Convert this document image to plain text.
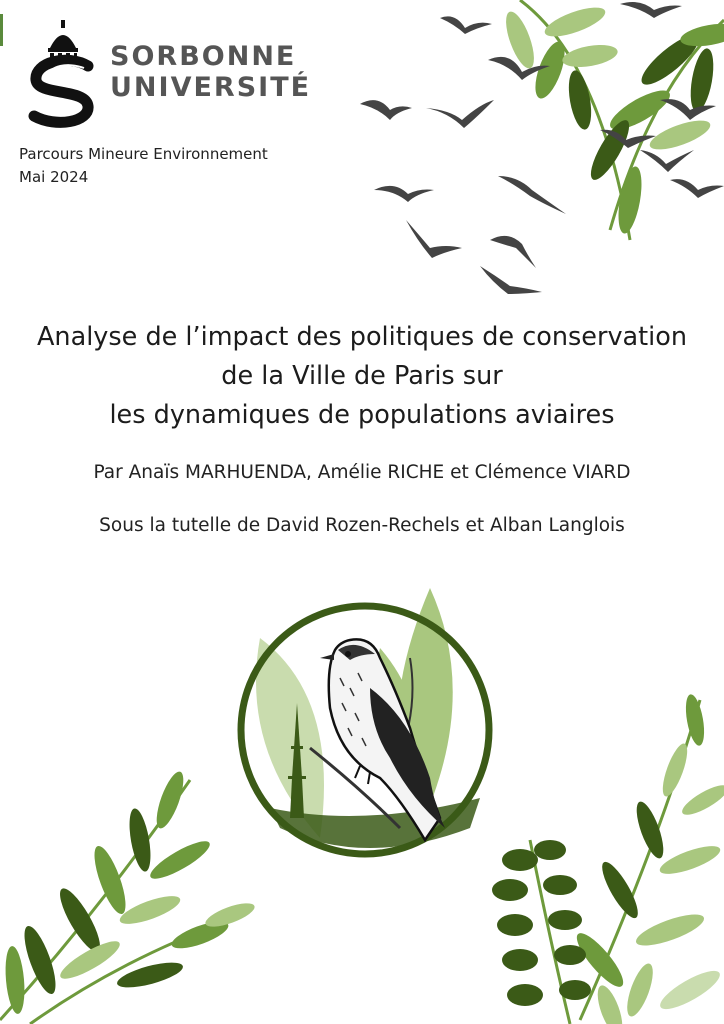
SORBONNE
UNIVERSITÉ
Parcours Mineure Environnement
Mai 2024
Analyse de l’impact des politiques de conservation
de la Ville de Paris sur
les dynamiques de populations aviaires
Par Anaïs MARHUENDA, Amélie RICHE et Clémence VIARD
Sous la tutelle de David Rozen-Rechels et Alban Langlois
